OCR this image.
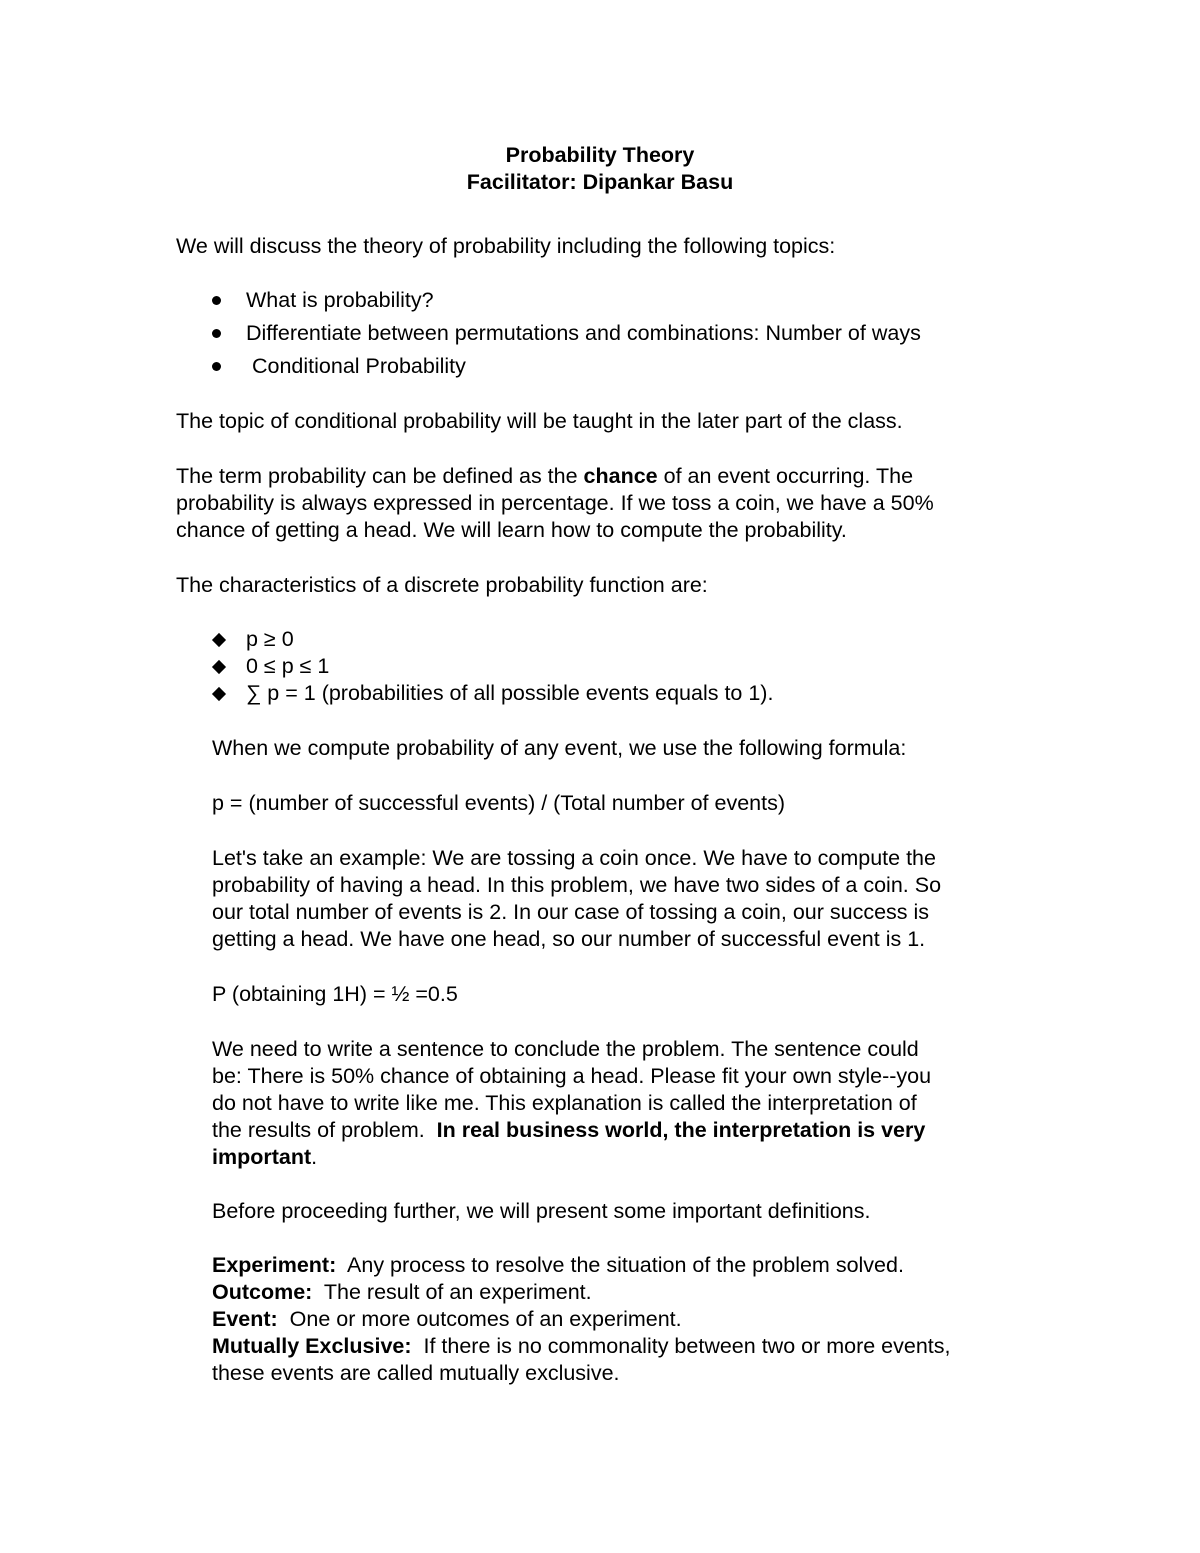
Probability Theory
Facilitator: Dipankar Basu
We will discuss the theory of probability including the following topics:
What is probability?
Differentiate between permutations and combinations: Number of ways
Conditional Probability
The topic of conditional probability will be taught in the later part of the class.
The term probability can be defined as the chance of an event occurring. The
probability is always expressed in percentage. If we toss a coin, we have a 50%
chance of getting a head. We will learn how to compute the probability.
The characteristics of a discrete probability function are:
p ≥ 0
0 ≤ p ≤ 1
∑ p = 1 (probabilities of all possible events equals to 1).
When we compute probability of any event, we use the following formula:
p = (number of successful events) / (Total number of events)
Let's take an example: We are tossing a coin once. We have to compute the
probability of having a head. In this problem, we have two sides of a coin. So
our total number of events is 2. In our case of tossing a coin, our success is
getting a head. We have one head, so our number of successful event is 1.
P (obtaining 1H) = ½ =0.5
We need to write a sentence to conclude the problem. The sentence could
be: There is 50% chance of obtaining a head. Please fit your own style--you
do not have to write like me. This explanation is called the interpretation of
the results of problem.  In real business world, the interpretation is very
important.
Before proceeding further, we will present some important definitions.
Experiment:  Any process to resolve the situation of the problem solved.
Outcome:  The result of an experiment.
Event:  One or more outcomes of an experiment.
Mutually Exclusive:  If there is no commonality between two or more events,
these events are called mutually exclusive.
